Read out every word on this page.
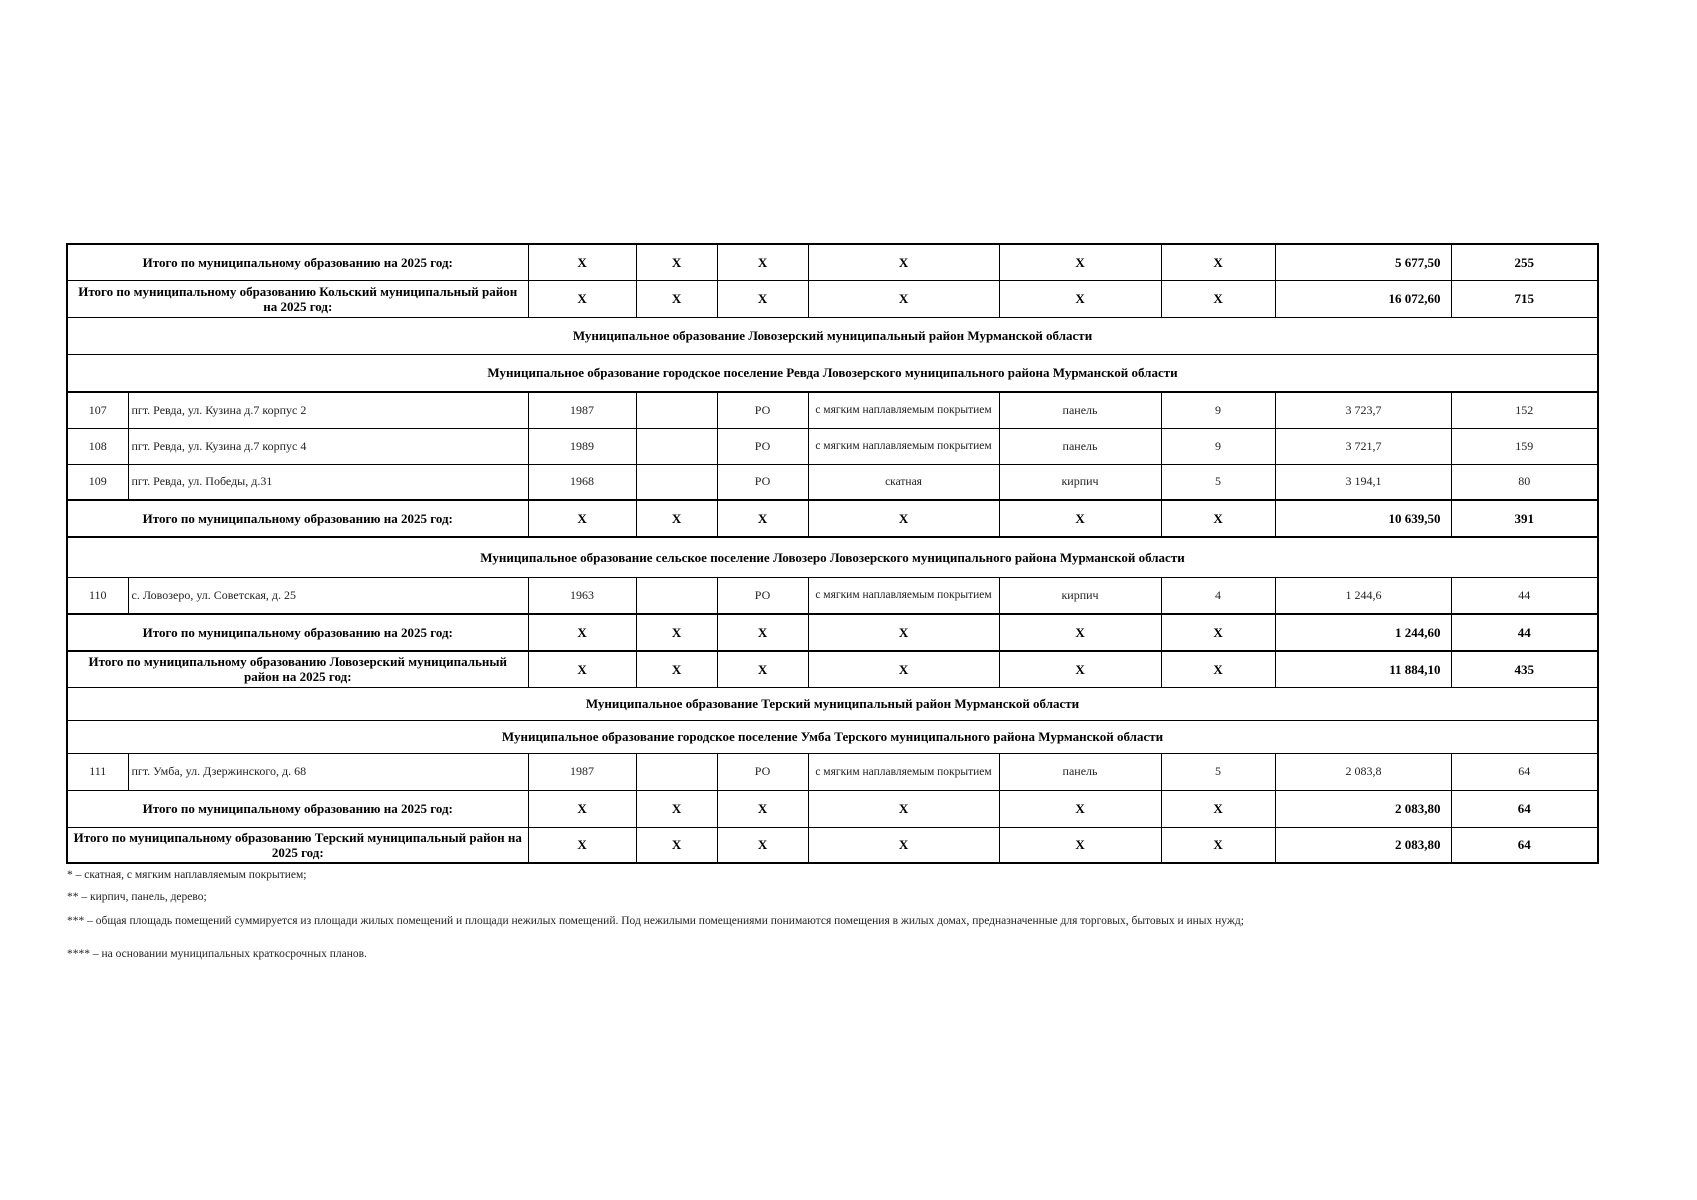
Итого по муниципальному образованию на 2025 год:		X	X	X	X	X	X	5 677,50	255
Итого по муниципальному образованию Кольский муниципальный район на 2025 год:		X	X	X	X	X	X	16 072,60	715
Муниципальное образование Ловозерский муниципальный район Мурманской области									
Муниципальное образование городское поселение Ревда Ловозерского муниципального района Мурманской области									
107	пгт. Ревда, ул. Кузина д.7 корпус 2	1987		РО	с мягким наплавляемым покрытием	панель	9	3 723,7	152
108	пгт. Ревда, ул. Кузина д.7 корпус 4	1989		РО	с мягким наплавляемым покрытием	панель	9	3 721,7	159
109	пгт. Ревда, ул. Победы, д.31	1968		РО	скатная	кирпич	5	3 194,1	80
Итого по муниципальному образованию на 2025 год:		X	X	X	X	X	X	10 639,50	391
Муниципальное образование сельское поселение Ловозеро Ловозерского муниципального района Мурманской области									
110	с. Ловозеро, ул. Советская, д. 25	1963		РО	с мягким наплавляемым покрытием	кирпич	4	1 244,6	44
Итого по муниципальному образованию на 2025 год:		X	X	X	X	X	X	1 244,60	44
Итого по муниципальному образованию Ловозерский муниципальный район на 2025 год:		X	X	X	X	X	X	11 884,10	435
Муниципальное образование Терский муниципальный район Мурманской области									
Муниципальное образование городское поселение Умба Терского муниципального района Мурманской области									
111	пгт. Умба, ул. Дзержинского, д. 68	1987		РО	с мягким наплавляемым покрытием	панель	5	2 083,8	64
Итого по муниципальному образованию на 2025 год:		X	X	X	X	X	X	2 083,80	64
Итого по муниципальному образованию Терский муниципальный район на 2025 год:		X	X	X	X	X	X	2 083,80	64
* – скатная, с мягким наплавляемым покрытием;
** – кирпич, панель, дерево;
*** – общая площадь помещений суммируется из площади жилых помещений и площади нежилых помещений. Под нежилыми помещениями понимаются помещения в жилых домах, предназначенные для торговых, бытовых и иных нужд;
**** – на основании муниципальных краткосрочных планов.
